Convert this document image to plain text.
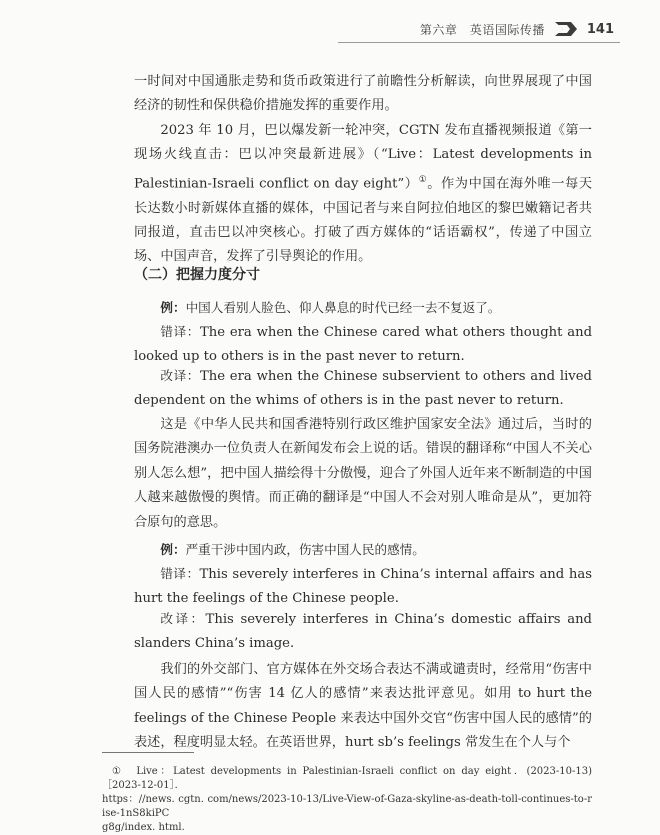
第六章　英语国际传播	141

一时间对中国通胀走势和货币政策进行了前瞻性分析解读，向世界展现了中国经济的韧性和保供稳价措施发挥的重要作用。

2023 年 10 月，巴以爆发新一轮冲突，CGTN 发布直播视频报道《第一现场火线直击：巴以冲突最新进展》（“Live：Latest developments in Palestinian-Israeli conflict on day eight”）①。作为中国在海外唯一每天长达数小时新媒体直播的媒体，中国记者与来自阿拉伯地区的黎巴嫩籍记者共同报道，直击巴以冲突核心。打破了西方媒体的“话语霸权”，传递了中国立场、中国声音，发挥了引导舆论的作用。

（二）把握力度分寸

例：中国人看别人脸色、仰人鼻息的时代已经一去不复返了。

错译：The era when the Chinese cared what others thought and looked up to others is in the past never to return.

改译：The era when the Chinese subservient to others and lived dependent on the whims of others is in the past never to return.

这是《中华人民共和国香港特别行政区维护国家安全法》通过后，当时的国务院港澳办一位负责人在新闻发布会上说的话。错误的翻译称“中国人不关心别人怎么想”，把中国人描绘得十分傲慢，迎合了外国人近年来不断制造的中国人越来越傲慢的舆情。而正确的翻译是“中国人不会对别人唯命是从”，更加符合原句的意思。

例：严重干涉中国内政，伤害中国人民的感情。

错译：This severely interferes in China’s internal affairs and has hurt the feelings of the Chinese people.

改译：This severely interferes in China’s domestic affairs and slanders China’s image.

我们的外交部门、官方媒体在外交场合表达不满或谴责时，经常用“伤害中国人民的感情”“伤害 14 亿人的感情”来表达批评意见。如用 to hurt the feelings of the Chinese People 来表达中国外交官“伤害中国人民的感情”的表述，程度明显太轻。在英语世界，hurt sb’s feelings 常发生在个人与个

①　Live：Latest developments in Palestinian-Israeli conflict on day eight．(2023-10-13)［2023-12-01］．

https：//news. cgtn. com/news/2023-10-13/Live-View-of-Gaza-skyline-as-death-toll-continues-to-rise-1nS8kiPC

g8g/index. html.
